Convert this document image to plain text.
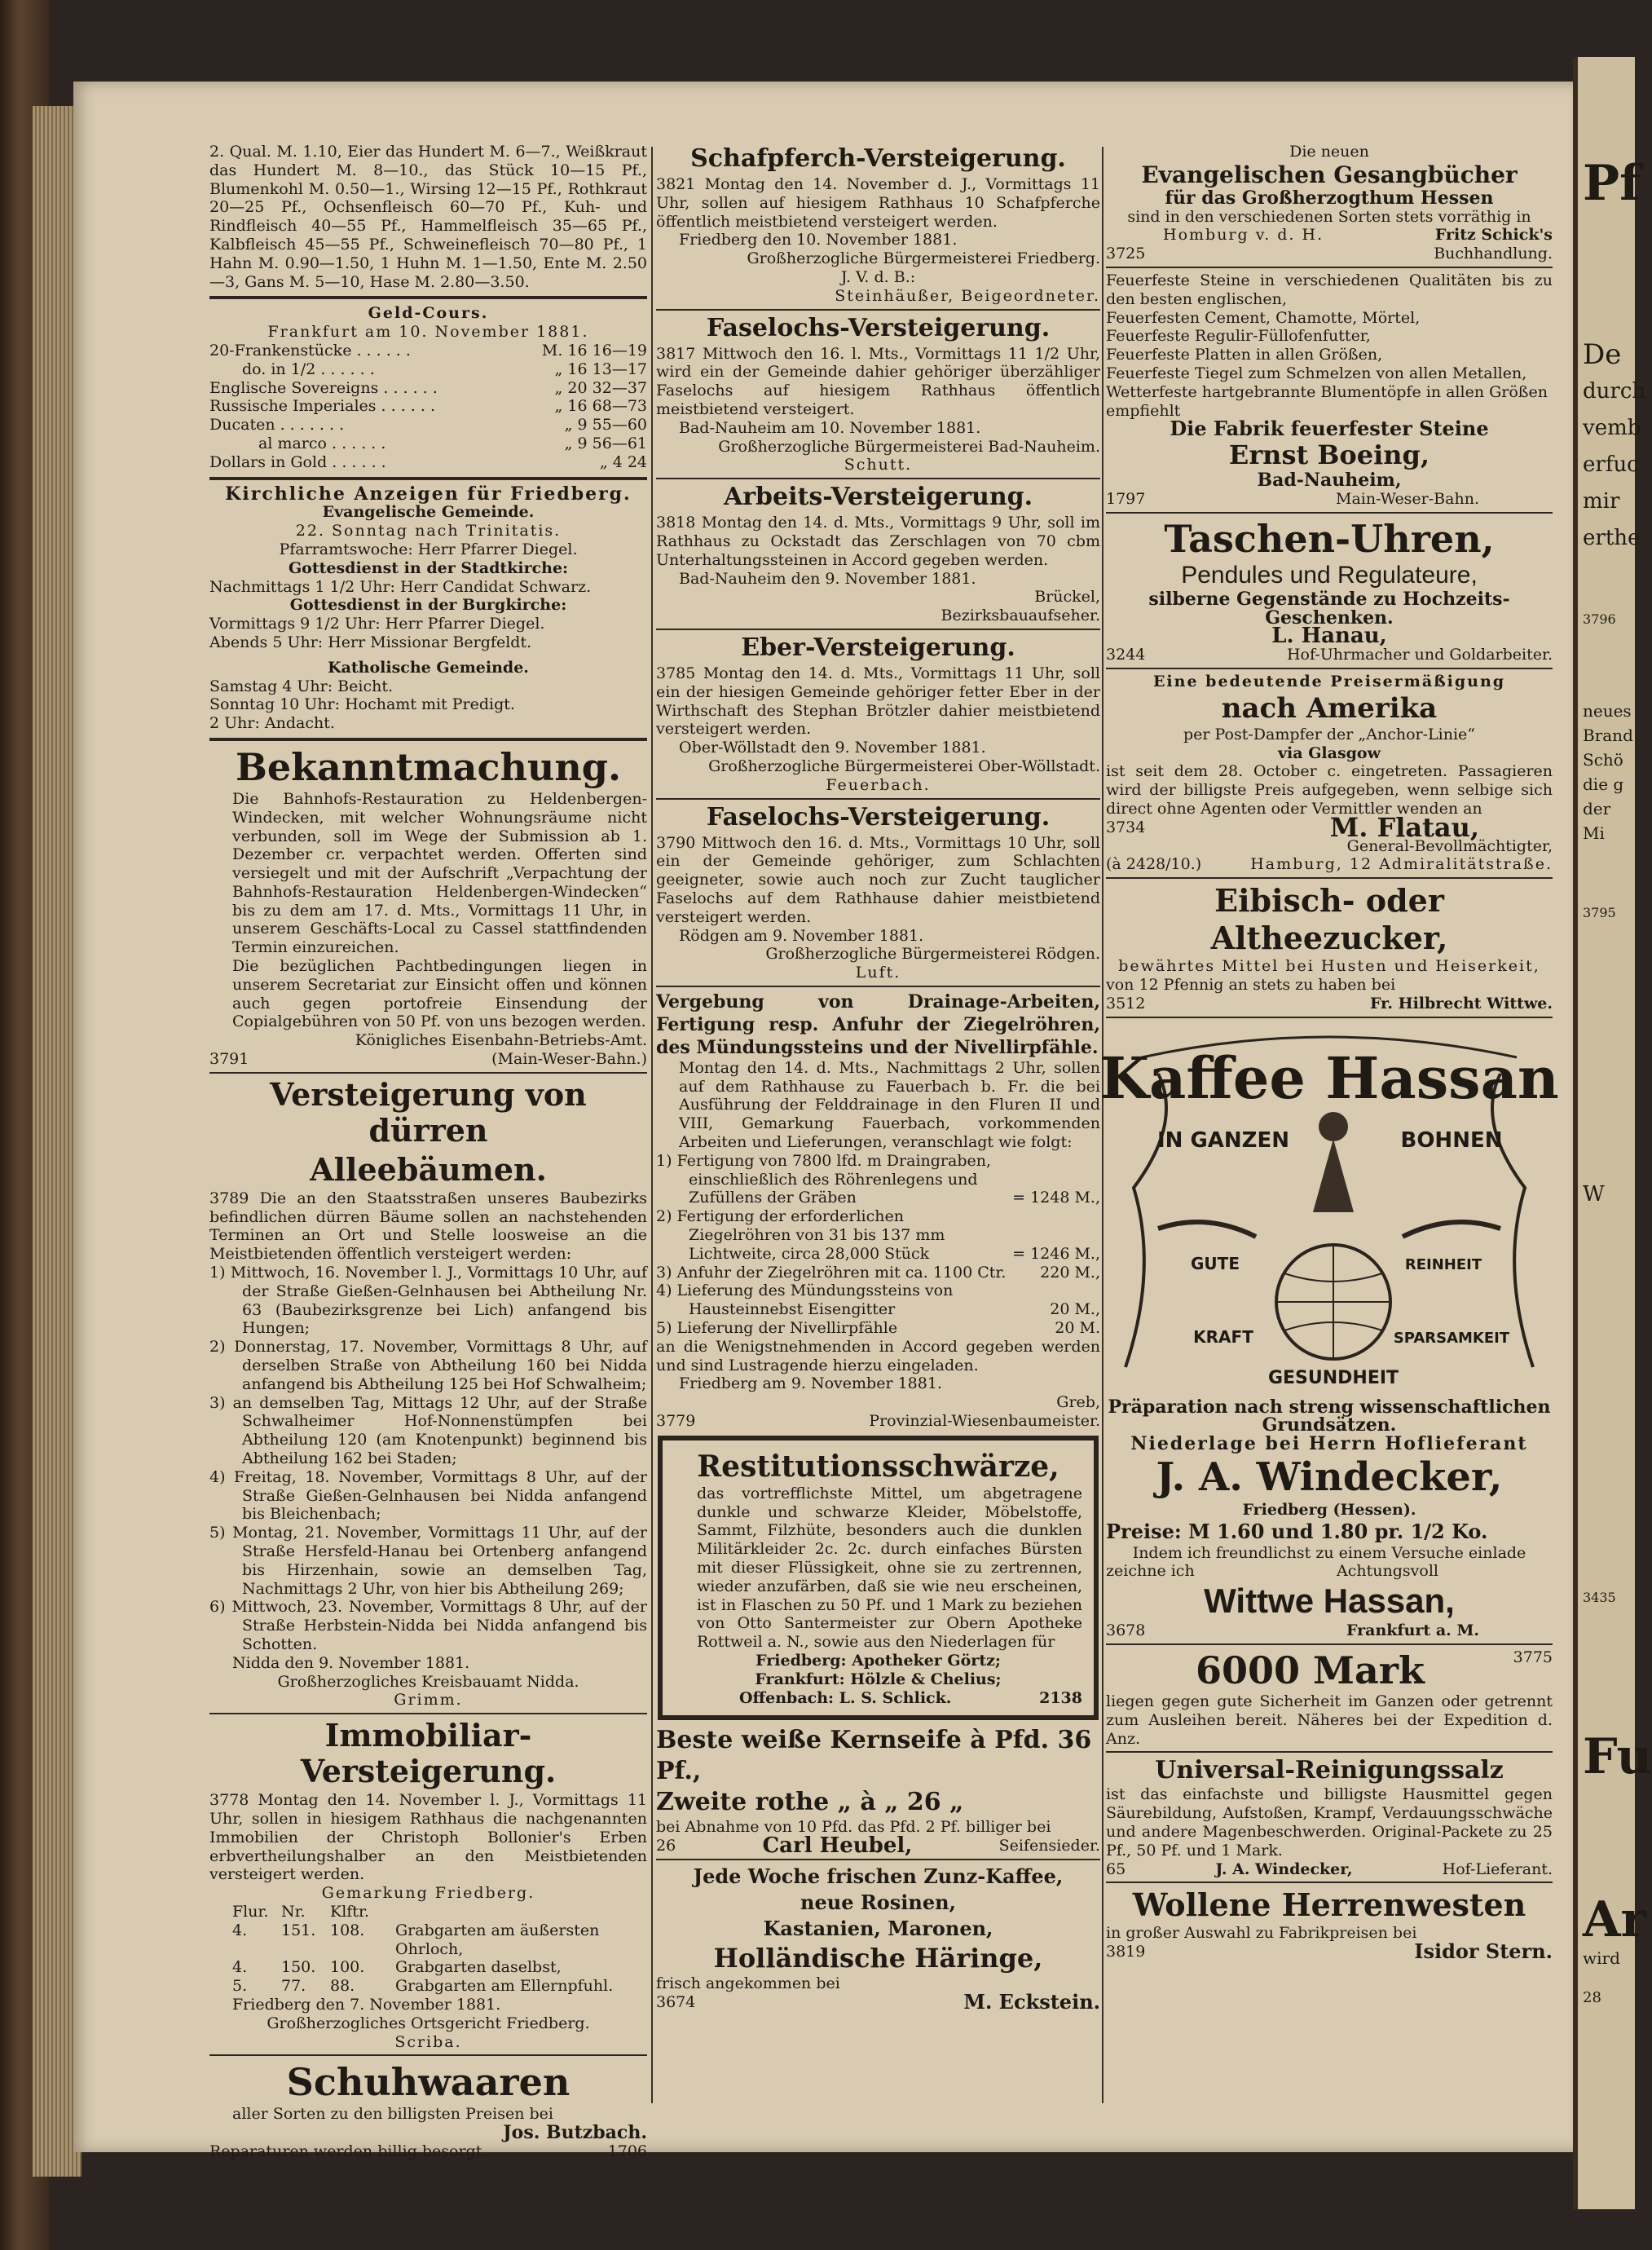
Pf
De
durch
vemb
erfuc
mir
erthe
3796
neues
Brand
Schö
die g
der
Mi
3795
W
3435
Fu
Ar
wird
28
2. Qual. M. 1.10, Eier das Hundert M. 6—7., Weißkraut das Hundert M. 8—10., das Stück 10—15 Pf., Blumenkohl M. 0.50—1., Wirsing 12—15 Pf., Rothkraut 20—25 Pf., Ochsenfleisch 60—70 Pf., Kuh- und Rindfleisch 40—55 Pf., Hammelfleisch 35—65 Pf., Kalbfleisch 45—55 Pf., Schweinefleisch 70—80 Pf., 1 Hahn M. 0.90—1.50, 1 Huhn M. 1—1.50, Ente M. 2.50—3, Gans M. 5—10, Hase M. 2.80—3.50.
Geld-Cours.
Frankfurt am 10. November 1881.
20-Frankenstücke . . . . . .	M. 16 16—19
do. in 1/2 . . . . . .	„ 16 13—17
Englische Sovereigns . . . . . .	„ 20 32—37
Russische Imperiales . . . . . .	„ 16 68—73
Ducaten . . . . . . .	„ 9 55—60
al marco . . . . . .	„ 9 56—61
Dollars in Gold . . . . . .	„ 4 24
Kirchliche Anzeigen für Friedberg.
Evangelische Gemeinde.
22. Sonntag nach Trinitatis.
Pfarramtswoche: Herr Pfarrer Diegel.
Gottesdienst in der Stadtkirche:
Nachmittags 1 1/2 Uhr: Herr Candidat Schwarz.
Gottesdienst in der Burgkirche:
Vormittags 9 1/2 Uhr: Herr Pfarrer Diegel.
Abends 5 Uhr: Herr Missionar Bergfeldt.
Katholische Gemeinde.
Samstag 4 Uhr: Beicht.
Sonntag 10 Uhr: Hochamt mit Predigt.
2 Uhr: Andacht.
Bekanntmachung.
Die Bahnhofs-Restauration zu Heldenbergen-Windecken, mit welcher Wohnungsräume nicht verbunden, soll im Wege der Submission ab 1. Dezember cr. verpachtet werden. Offerten sind versiegelt und mit der Aufschrift „Verpachtung der Bahnhofs-Restauration Heldenbergen-Windecken“ bis zu dem am 17. d. Mts., Vormittags 11 Uhr, in unserem Geschäfts-Local zu Cassel stattfindenden Termin einzureichen.
Die bezüglichen Pachtbedingungen liegen in unserem Secretariat zur Einsicht offen und können auch gegen portofreie Einsendung der Copialgebühren von 50 Pf. von uns bezogen werden.
Königliches Eisenbahn-Betriebs-Amt.
3791	(Main-Weser-Bahn.)
Versteigerung von dürren
Alleebäumen.
3789 Die an den Staatsstraßen unseres Baubezirks befindlichen dürren Bäume sollen an nachstehenden Terminen an Ort und Stelle loosweise an die Meistbietenden öffentlich versteigert werden:
1) Mittwoch, 16. November l. J., Vormittags 10 Uhr, auf der Straße Gießen-Gelnhausen bei Abtheilung Nr. 63 (Baubezirksgrenze bei Lich) anfangend bis Hungen;
2) Donnerstag, 17. November, Vormittags 8 Uhr, auf derselben Straße von Abtheilung 160 bei Nidda anfangend bis Abtheilung 125 bei Hof Schwalheim;
3) an demselben Tag, Mittags 12 Uhr, auf der Straße Schwalheimer Hof-Nonnenstümpfen bei Abtheilung 120 (am Knotenpunkt) beginnend bis Abtheilung 162 bei Staden;
4) Freitag, 18. November, Vormittags 8 Uhr, auf der Straße Gießen-Gelnhausen bei Nidda anfangend bis Bleichenbach;
5) Montag, 21. November, Vormittags 11 Uhr, auf der Straße Hersfeld-Hanau bei Ortenberg anfangend bis Hirzenhain, sowie an demselben Tag, Nachmittags 2 Uhr, von hier bis Abtheilung 269;
6) Mittwoch, 23. November, Vormittags 8 Uhr, auf der Straße Herbstein-Nidda bei Nidda anfangend bis Schotten.
Nidda den 9. November 1881.
Großherzogliches Kreisbauamt Nidda.
Grimm.
Immobiliar-Versteigerung.
3778 Montag den 14. November l. J., Vormittags 11 Uhr, sollen in hiesigem Rathhaus die nachgenannten Immobilien der Christoph Bollonier's Erben erbvertheilungshalber an den Meistbietenden versteigert werden.
Gemarkung Friedberg.
Flur. Nr.	Klftr.
4.	151. 108.	Grabgarten am äußersten Ohrloch,
4.	150. 100.	Grabgarten daselbst,
5.	77.	88.	Grabgarten am Ellernpfuhl.
Friedberg den 7. November 1881.
Großherzogliches Ortsgericht Friedberg.
Scriba.
Schuhwaaren
aller Sorten zu den billigsten Preisen bei
Jos. Butzbach.
Reparaturen werden billig besorgt.	1706
Schafpferch-Versteigerung.
3821 Montag den 14. November d. J., Vormittags 11 Uhr, sollen auf hiesigem Rathhaus 10 Schafpferche öffentlich meistbietend versteigert werden.
Friedberg den 10. November 1881.
Großherzogliche Bürgermeisterei Friedberg.
J. V. d. B.:
Steinhäußer, Beigeordneter.
Faselochs-Versteigerung.
3817 Mittwoch den 16. l. Mts., Vormittags 11 1/2 Uhr, wird ein der Gemeinde dahier gehöriger überzähliger Faselochs auf hiesigem Rathhaus öffentlich meistbietend versteigert.
Bad-Nauheim am 10. November 1881.
Großherzogliche Bürgermeisterei Bad-Nauheim.
Schutt.
Arbeits-Versteigerung.
3818 Montag den 14. d. Mts., Vormittags 9 Uhr, soll im Rathhaus zu Ockstadt das Zerschlagen von 70 cbm Unterhaltungssteinen in Accord gegeben werden.
Bad-Nauheim den 9. November 1881.
Brückel,
Bezirksbauaufseher.
Eber-Versteigerung.
3785 Montag den 14. d. Mts., Vormittags 11 Uhr, soll ein der hiesigen Gemeinde gehöriger fetter Eber in der Wirthschaft des Stephan Brötzler dahier meistbietend versteigert werden.
Ober-Wöllstadt den 9. November 1881.
Großherzogliche Bürgermeisterei Ober-Wöllstadt.
Feuerbach.
Faselochs-Versteigerung.
3790 Mittwoch den 16. d. Mts., Vormittags 10 Uhr, soll ein der Gemeinde gehöriger, zum Schlachten geeigneter, sowie auch noch zur Zucht tauglicher Faselochs auf dem Rathhause dahier meistbietend versteigert werden.
Rödgen am 9. November 1881.
Großherzogliche Bürgermeisterei Rödgen.
Luft.
Vergebung von Drainage-Arbeiten, Fertigung resp. Anfuhr der Ziegelröhren, des Mündungssteins und der Nivellirpfähle.
Montag den 14. d. Mts., Nachmittags 2 Uhr, sollen auf dem Rathhause zu Fauerbach b. Fr. die bei Ausführung der Felddrainage in den Fluren II und VIII, Gemarkung Fauerbach, vorkommenden Arbeiten und Lieferungen, veranschlagt wie folgt:
1) Fertigung von 7800 lfd. m Draingraben, einschließlich des Röhrenlegens und Zufüllens der Gräben	= 1248 M.,
2) Fertigung der erforderlichen Ziegelröhren von 31 bis 137 mm Lichtweite, circa 28,000 Stück	= 1246 M.,
3) Anfuhr der Ziegelröhren mit ca. 1100 Ctr. 220 M.,
4) Lieferung des Mündungssteins von Hausteinnebst Eisengitter	20 M.,
5) Lieferung der Nivellirpfähle	20 M.
an die Wenigstnehmenden in Accord gegeben werden und sind Lustragende hierzu eingeladen.
Friedberg am 9. November 1881.
Greb,
3779	Provinzial-Wiesenbaumeister.
Restitutionsschwärze,
das vortrefflichste Mittel, um abgetragene dunkle und schwarze Kleider, Möbelstoffe, Sammt, Filzhüte, besonders auch die dunklen Militärkleider 2c. 2c. durch einfaches Bürsten mit dieser Flüssigkeit, ohne sie zu zertrennen, wieder anzufärben, daß sie wie neu erscheinen, ist in Flaschen zu 50 Pf. und 1 Mark zu beziehen von Otto Santermeister zur Obern Apotheke Rottweil a. N., sowie aus den Niederlagen für
Friedberg: Apotheker Görtz;
Frankfurt: Hölzle & Chelius;
Offenbach: L. S. Schlick.	2138
Beste weiße Kernseife à Pfd. 36 Pf.,
Zweite rothe „ à „ 26 „
bei Abnahme von 10 Pfd. das Pfd. 2 Pf. billiger bei
26	Carl Heubel,	Seifensieder.
Jede Woche frischen Zunz-Kaffee,
neue Rosinen,
Kastanien, Maronen,
Holländische Häringe,
frisch angekommen bei
3674	M. Eckstein.
Die neuen
Evangelischen Gesangbücher
für das Großherzogthum Hessen
sind in den verschiedenen Sorten stets vorräthig in
Homburg v. d. H.	Fritz Schick's
3725	Buchhandlung.
Feuerfeste Steine in verschiedenen Qualitäten bis zu den besten englischen,
Feuerfesten Cement, Chamotte, Mörtel,
Feuerfeste Regulir-Füllofenfutter,
Feuerfeste Platten in allen Größen,
Feuerfeste Tiegel zum Schmelzen von allen Metallen,
Wetterfeste hartgebrannte Blumentöpfe in allen Größen
empfiehlt
Die Fabrik feuerfester Steine
Ernst Boeing,
Bad-Nauheim,
1797	Main-Weser-Bahn.
Taschen-Uhren,
Pendules und Regulateure,
silberne Gegenstände zu Hochzeits-Geschenken.
L. Hanau,
3244	Hof-Uhrmacher und Goldarbeiter.
Eine bedeutende Preisermäßigung
nach Amerika
per Post-Dampfer der „Anchor-Linie“
via Glasgow
ist seit dem 28. October c. eingetreten. Passagieren wird der billigste Preis aufgegeben, wenn selbige sich direct ohne Agenten oder Vermittler wenden an
3734	M. Flatau,
General-Bevollmächtigter,
(à 2428/10.)	Hamburg, 12 Admiralitätstraße.
Eibisch- oder Altheezucker,
bewährtes Mittel bei Husten und Heiserkeit,
von 12 Pfennig an stets zu haben bei
3512	Fr. Hilbrecht Wittwe.
Kaffee Hassan
IN GANZEN	BOHNEN
GUTE	REINHEIT
KRAFT	SPARSAMKEIT
GESUNDHEIT
Präparation nach streng wissenschaftlichen
Grundsätzen.
Niederlage bei Herrn Hoflieferant
J. A. Windecker,
Friedberg (Hessen).
Preise: M 1.60 und 1.80 pr. 1/2 Ko.
Indem ich freundlichst zu einem Versuche einlade
zeichne ich	Achtungsvoll
Wittwe Hassan,
3678	Frankfurt a. M.
6000 Mark	3775
liegen gegen gute Sicherheit im Ganzen oder getrennt zum Ausleihen bereit. Näheres bei der Expedition d. Anz.
Universal-Reinigungssalz
ist das einfachste und billigste Hausmittel gegen Säurebildung, Aufstoßen, Krampf, Verdauungsschwäche und andere Magenbeschwerden. Original-Packete zu 25 Pf., 50 Pf. und 1 Mark.
65	J. A. Windecker,	Hof-Lieferant.
Wollene Herrenwesten
in großer Auswahl zu Fabrikpreisen bei
3819	Isidor Stern.
